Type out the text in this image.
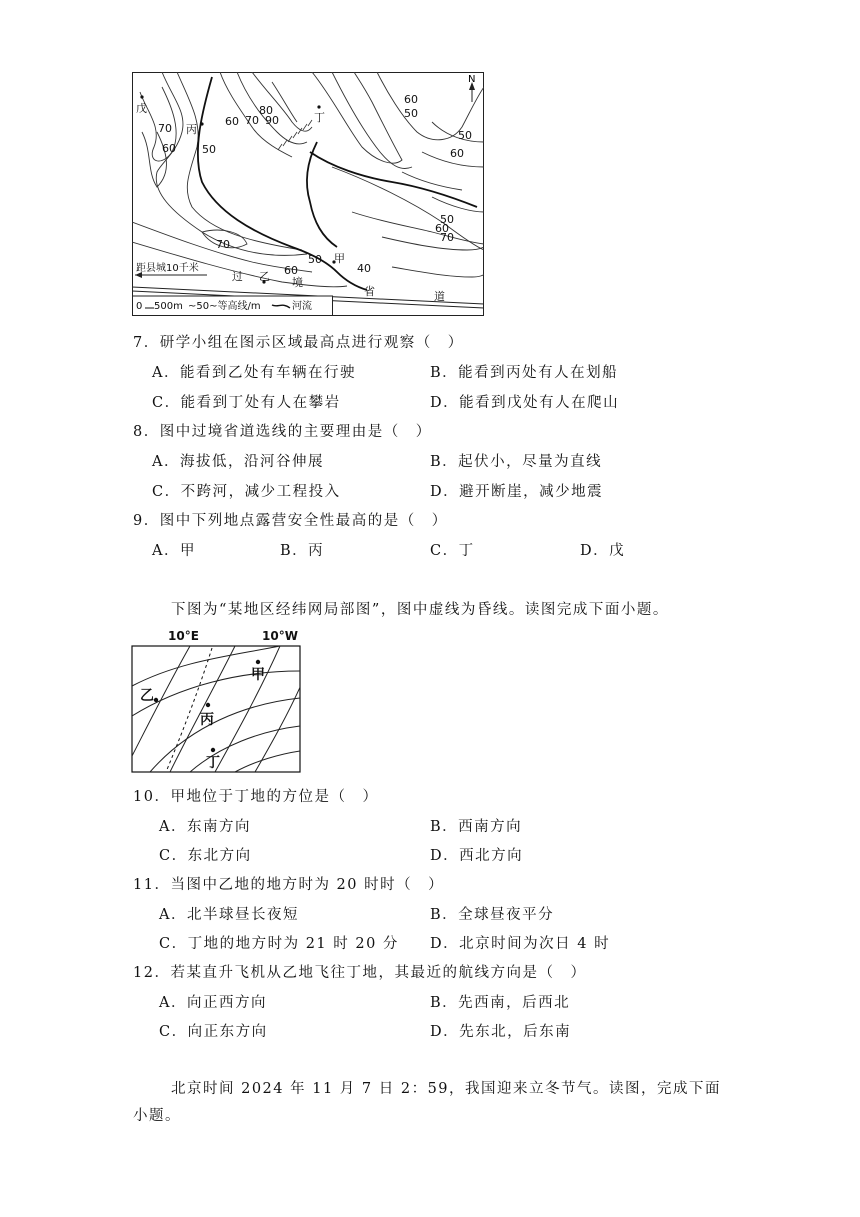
N
戊
丙
丁
甲
乙
70
60 50
60 70
80
90
60
50
50
60
50
60
70
70
60
50
40
距县城10千米
过	境
省	道
0 500m ~50~等高线/m	河流
7．研学小组在图示区域最高点进行观察（　）
A．能看到乙处有车辆在行驶	B．能看到丙处有人在划船
C．能看到丁处有人在攀岩	D．能看到戊处有人在爬山
8．图中过境省道选线的主要理由是（　）
A．海拔低，沿河谷伸展	B．起伏小，尽量为直线
C．不跨河，减少工程投入	D．避开断崖，减少地震
9．图中下列地点露营安全性最高的是（　）
A．甲	B．丙	C．丁	D．戊
下图为“某地区经纬网局部图”，图中虚线为昏线。读图完成下面小题。
10°E	10°W
甲
乙
丙
丁
10．甲地位于丁地的方位是（　）
A．东南方向	B．西南方向
C．东北方向	D．西北方向
11．当图中乙地的地方时为 20 时时（　）
A．北半球昼长夜短	B．全球昼夜平分
C．丁地的地方时为 21 时 20 分 D．北京时间为次日 4 时
12．若某直升飞机从乙地飞往丁地，其最近的航线方向是（　）
A．向正西方向	B．先西南，后西北
C．向正东方向	D．先东北，后东南
北京时间 2024 年 11 月 7 日 2：59，我国迎来立冬节气。读图，完成下面小题。
